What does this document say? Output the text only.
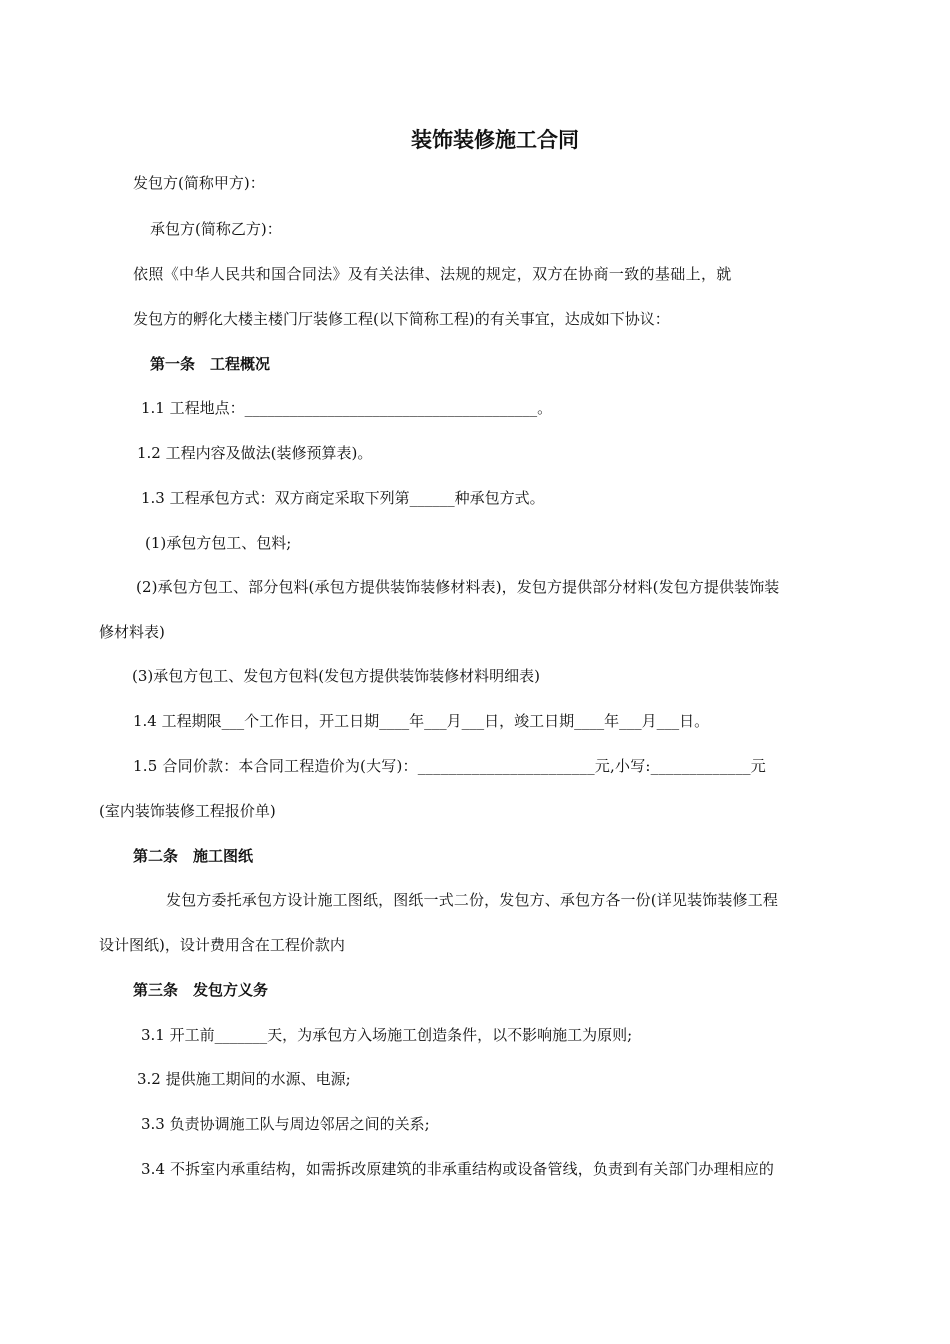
装饰装修施工合同
发包方(简称甲方)：
承包方(简称乙方)：
依照《中华人民共和国合同法》及有关法律、法规的规定，双方在协商一致的基础上，就
发包方的孵化大楼主楼门厅装修工程(以下简称工程)的有关事宜，达成如下协议：
第一条　工程概况
1.1 工程地点：_______________________________________。
1.2 工程内容及做法(装修预算表)。
1.3 工程承包方式：双方商定采取下列第______种承包方式。
(1)承包方包工、包料;
(2)承包方包工、部分包料(承包方提供装饰装修材料表)，发包方提供部分材料(发包方提供装饰装
修材料表)
(3)承包方包工、发包方包料(发包方提供装饰装修材料明细表)
1.4 工程期限___个工作日，开工日期____年___月___日，竣工日期____年___月___日。
1.5 合同价款：本合同工程造价为(大写)：_______________________元,小写:_____________元
(室内装饰装修工程报价单)
第二条　施工图纸
发包方委托承包方设计施工图纸，图纸一式二份，发包方、承包方各一份(详见装饰装修工程
设计图纸)，设计费用含在工程价款内
第三条　发包方义务
3.1 开工前_______天，为承包方入场施工创造条件，以不影响施工为原则;
3.2 提供施工期间的水源、电源;
3.3 负责协调施工队与周边邻居之间的关系;
3.4 不拆室内承重结构，如需拆改原建筑的非承重结构或设备管线，负责到有关部门办理相应的
